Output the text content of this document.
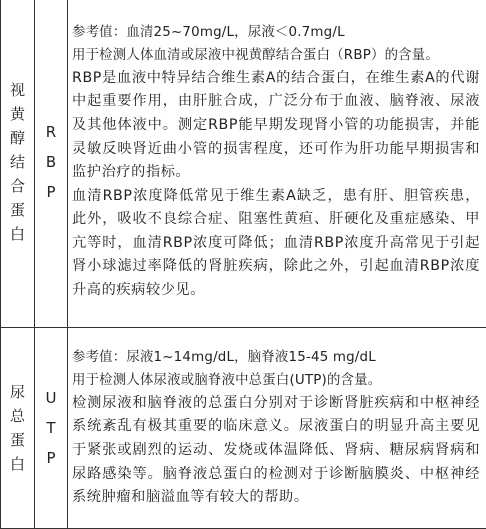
视黄醇结合蛋白	RBP	参考值：血清25~70mg/L，尿液＜0.7mg/L

用于检测人体血清或尿液中视黄醇结合蛋白（RBP）的含量。

RBP是血液中特异结合维生素A的结合蛋白，在维生素A的代谢中起重要作用，由肝脏合成，广泛分布于血液、脑脊液、尿液及其他体液中。测定RBP能早期发现肾小管的功能损害，并能灵敏反映肾近曲小管的损害程度，还可作为肝功能早期损害和监护治疗的指标。

血清RBP浓度降低常见于维生素A缺乏，患有肝、胆管疾患，此外，吸收不良综合症、阻塞性黄疸、肝硬化及重症感染、甲亢等时，血清RBP浓度可降低；血清RBP浓度升高常见于引起肾小球滤过率降低的肾脏疾病，除此之外，引起血清RBP浓度升高的疾病较少见。

尿总蛋白	UTP	参考值：尿液1~14mg/dL，脑脊液15-45 mg/dL

用于检测人体尿液或脑脊液中总蛋白(UTP)的含量。

检测尿液和脑脊液的总蛋白分别对于诊断肾脏疾病和中枢神经系统紊乱有极其重要的临床意义。尿液蛋白的明显升高主要见于紧张或剧烈的运动、发烧或体温降低、肾病、糖尿病肾病和尿路感染等。脑脊液总蛋白的检测对于诊断脑膜炎、中枢神经系统肿瘤和脑溢血等有较大的帮助。
